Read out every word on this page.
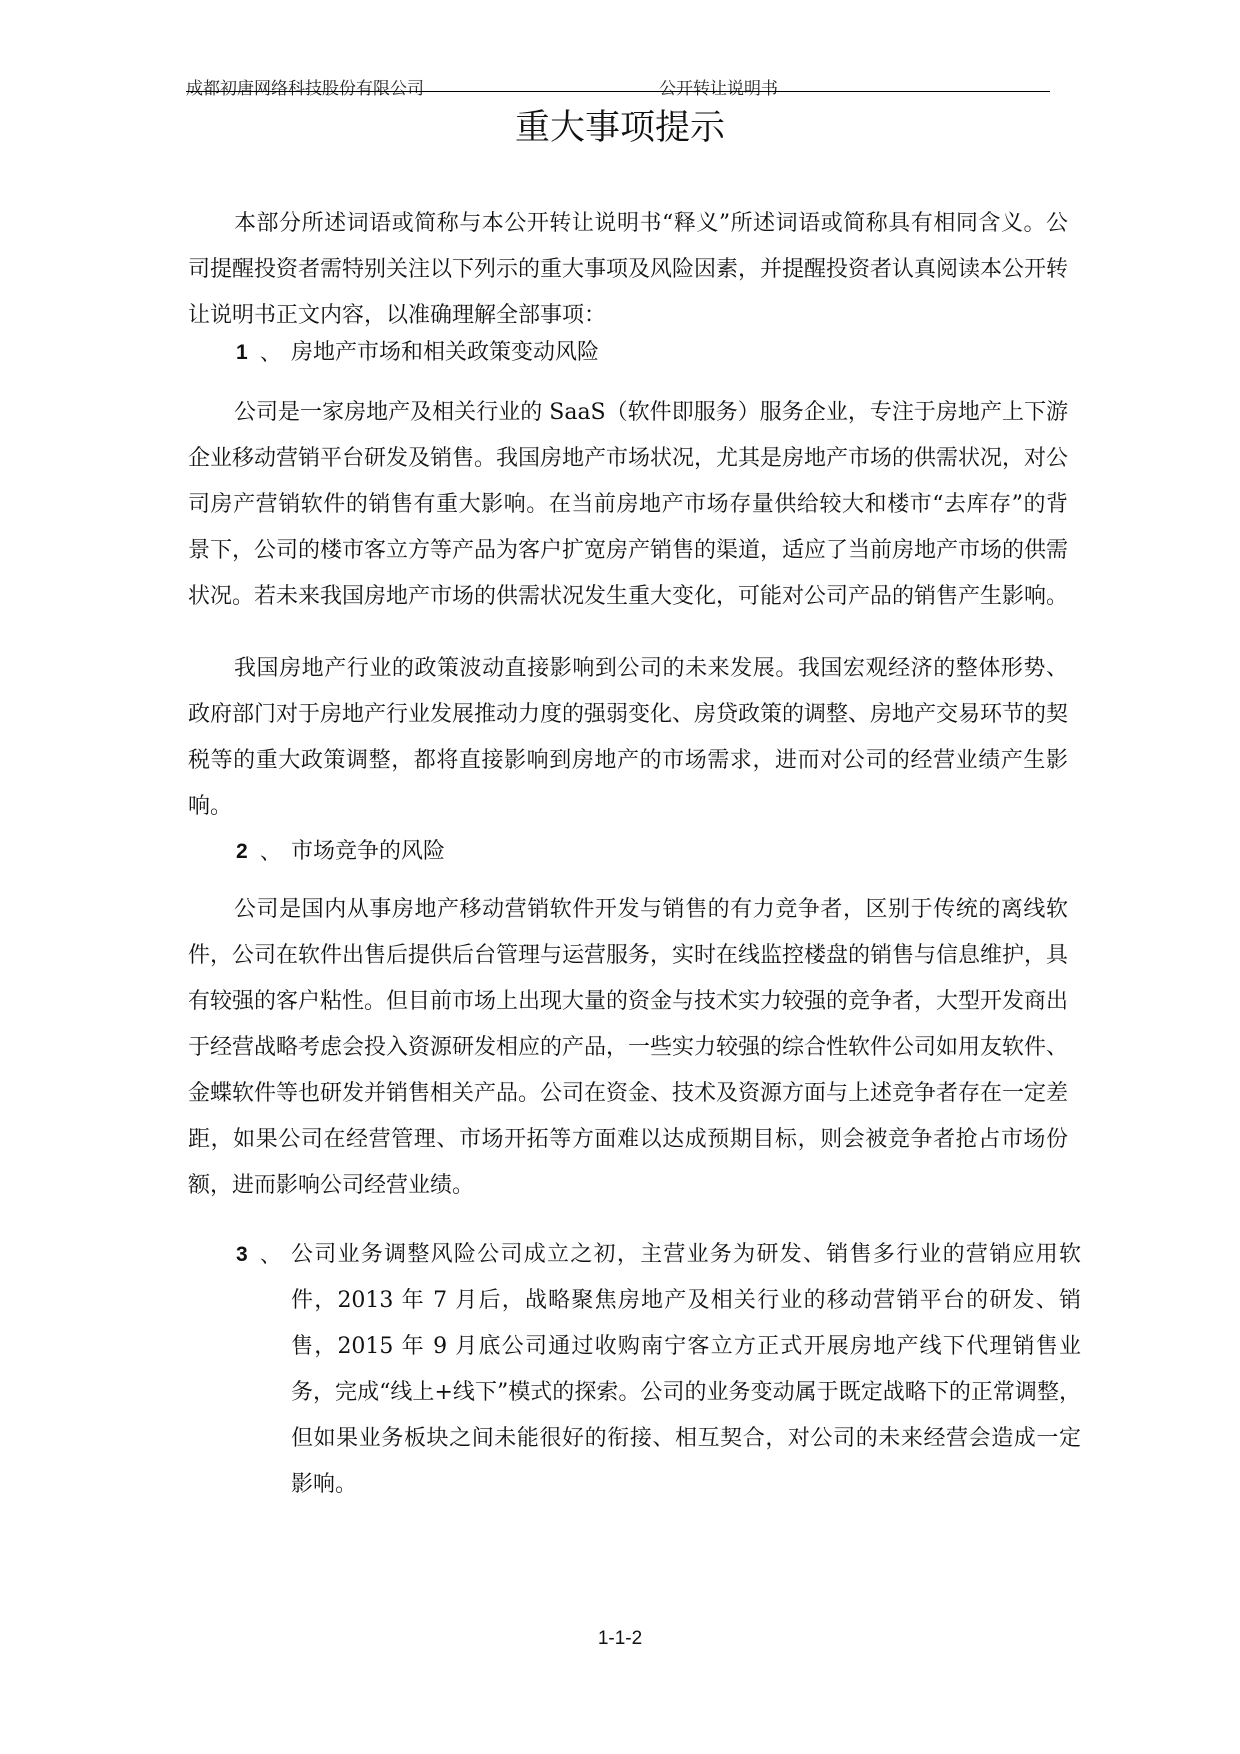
成都初唐网络科技股份有限公司	公开转让说明书
重大事项提示

本部分所述词语或简称与本公开转让说明书“释义”所述词语或简称具有相同含义。公司提醒投资者需特别关注以下列示的重大事项及风险因素，并提醒投资者认真阅读本公开转让说明书正文内容，以准确理解全部事项：

1 、 房地产市场和相关政策变动风险

公司是一家房地产及相关行业的 SaaS（软件即服务）服务企业，专注于房地产上下游企业移动营销平台研发及销售。我国房地产市场状况，尤其是房地产市场的供需状况，对公司房产营销软件的销售有重大影响。在当前房地产市场存量供给较大和楼市“去库存”的背景下，公司的楼市客立方等产品为客户扩宽房产销售的渠道，适应了当前房地产市场的供需状况。若未来我国房地产市场的供需状况发生重大变化，可能对公司产品的销售产生影响。

我国房地产行业的政策波动直接影响到公司的未来发展。我国宏观经济的整体形势、政府部门对于房地产行业发展推动力度的强弱变化、房贷政策的调整、房地产交易环节的契税等的重大政策调整，都将直接影响到房地产的市场需求，进而对公司的经营业绩产生影响。

2 、 市场竞争的风险

公司是国内从事房地产移动营销软件开发与销售的有力竞争者，区别于传统的离线软件，公司在软件出售后提供后台管理与运营服务，实时在线监控楼盘的销售与信息维护，具有较强的客户粘性。但目前市场上出现大量的资金与技术实力较强的竞争者，大型开发商出于经营战略考虑会投入资源研发相应的产品，一些实力较强的综合性软件公司如用友软件、金蝶软件等也研发并销售相关产品。公司在资金、技术及资源方面与上述竞争者存在一定差距，如果公司在经营管理、市场开拓等方面难以达成预期目标，则会被竞争者抢占市场份额，进而影响公司经营业绩。

3 、 公司业务调整风险公司成立之初，主营业务为研发、销售多行业的营销应用软件，2013 年 7 月后，战略聚焦房地产及相关行业的移动营销平台的研发、销售，2015 年 9 月底公司通过收购南宁客立方正式开展房地产线下代理销售业务，完成“线上+线下”模式的探索。公司的业务变动属于既定战略下的正常调整，但如果业务板块之间未能很好的衔接、相互契合，对公司的未来经营会造成一定影响。

1-1-2
